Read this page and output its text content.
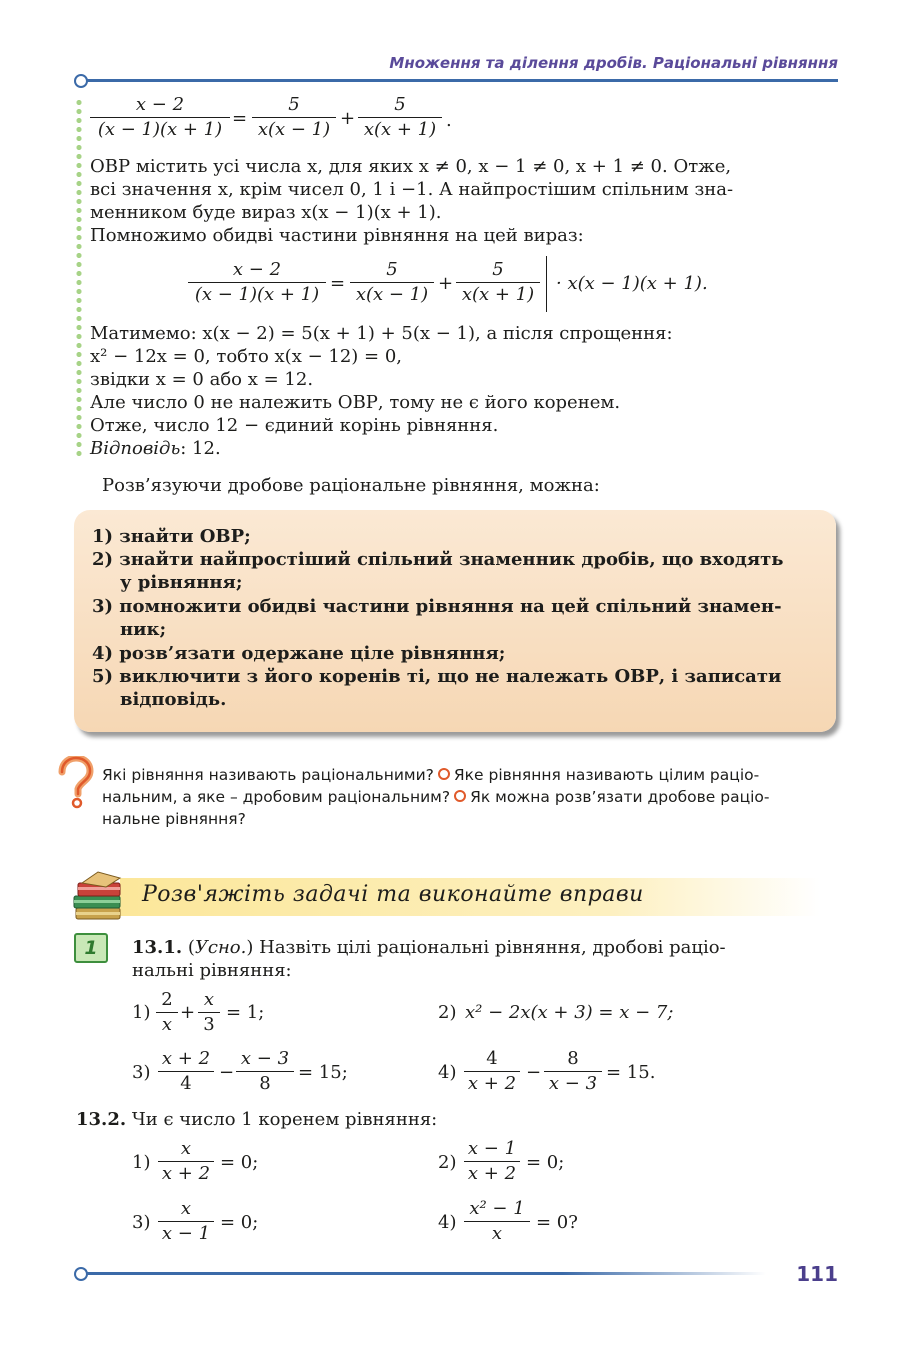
Множення та ділення дробів. Раціональні рівняння
$\frac{x - 2}{(x - 1)(x + 1)} = \frac{5}{x(x - 1)} + \frac{5}{x(x + 1)}$ .
ОВР містить усі числа x, для яких x ≠ 0, x − 1 ≠ 0, x + 1 ≠ 0. Отже,
всі значення x, крім чисел 0, 1 і −1. А найпростішим спільним зна-
менником буде вираз x(x − 1)(x + 1).
Помножимо обидві частини рівняння на цей вираз:
$\frac{x - 2}{(x - 1)(x + 1)} = \frac{5}{x(x - 1)} + \frac{5}{x(x + 1)} \cdot x(x - 1)(x + 1)$.
Матимемо: x(x − 2) = 5(x + 1) + 5(x − 1), а після спрощення:
x² − 12x = 0, тобто x(x − 12) = 0,
звідки x = 0 або x = 12.
Але число 0 не належить ОВР, тому не є його коренем.
Отже, число 12 − єдиний корінь рівняння.
Відповідь: 12.
Розв’язуючи дробове раціональне рівняння, можна:
1) знайти ОВР;
2) знайти найпростіший спільний знаменник дробів, що входять
у рівняння;
3) помножити обидві частини рівняння на цей спільний знамен-
ник;
4) розв’язати одержане ціле рівняння;
5) виключити з його коренів ті, що не належать ОВР, і записати
відповідь.
Які рівняння називають раціональними? Яке рівняння називають цілим раціо-
нальним, а яке – дробовим раціональним? Як можна розв’язати дробове раціо-
нальне рівняння?
Розв'яжіть задачі та виконайте вправи
1	13.1. (Усно.) Назвіть цілі раціональні рівняння, дробові раціо-
нальні рівняння:
$1) \frac{2}{x} + \frac{x}{3} = 1$;	2) x² − 2x(x + 3) = x − 7;
$3) \frac{x + 2}{4} - \frac{x - 3}{8} = 15$;	$4) \frac{4}{x + 2} - \frac{8}{x - 3} = 15$.
13.2. Чи є число 1 коренем рівняння:
$1) \frac{x}{x + 2} = 0$;	$2) \frac{x - 1}{x + 2} = 0$;
$3) \frac{x}{x - 1} = 0$;	$4) \frac{\text{x² − 1}}{x} = 0$?
111
